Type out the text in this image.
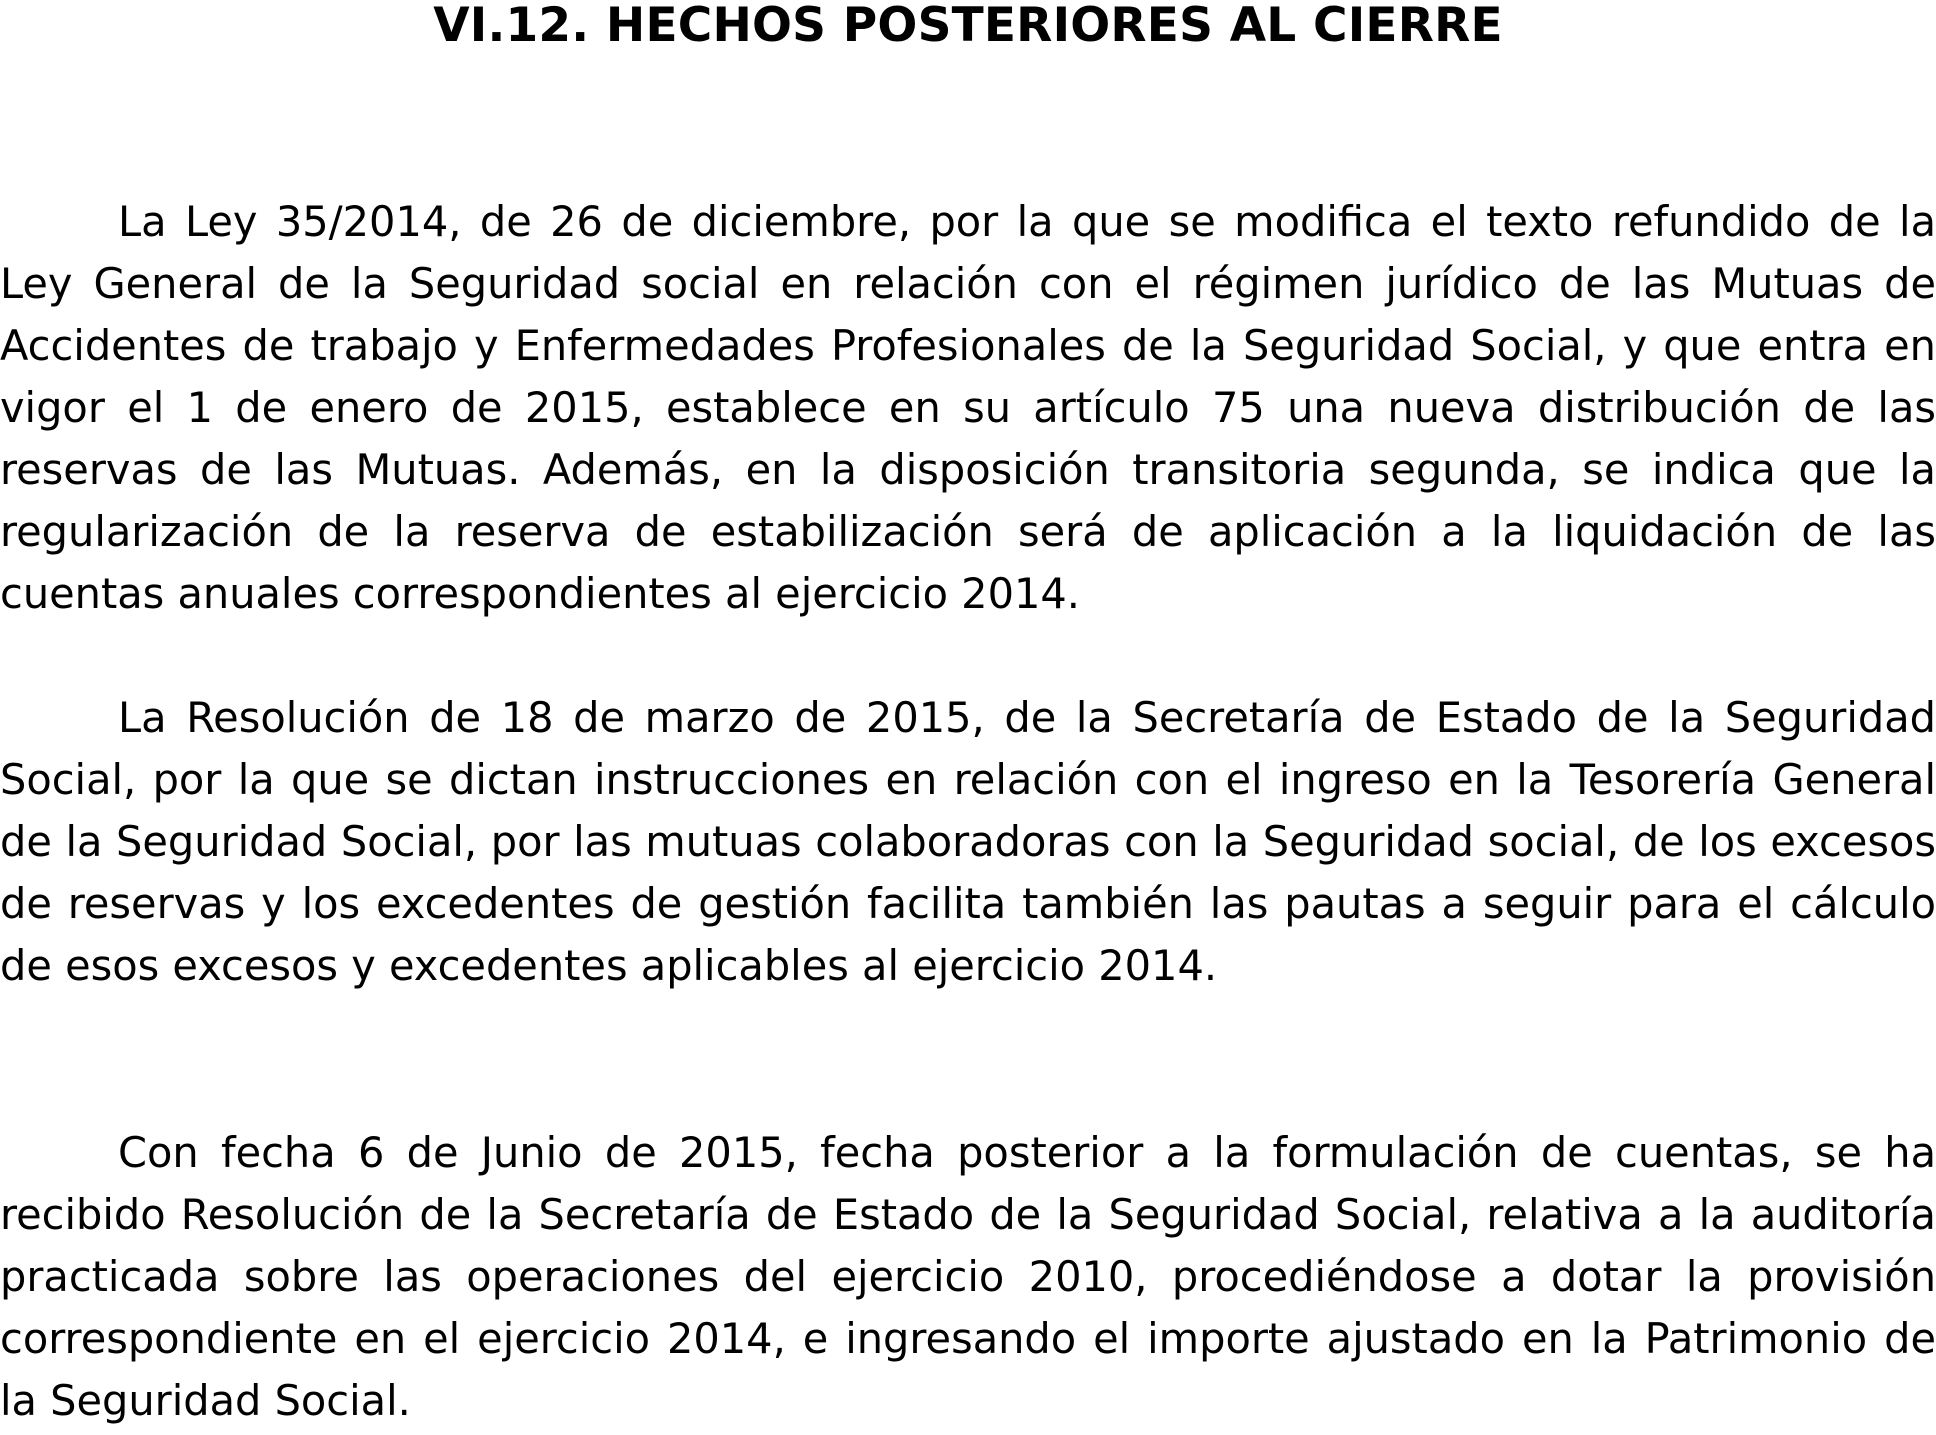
VI.12. HECHOS POSTERIORES AL CIERRE

La Ley 35/2014, de 26 de diciembre, por la que se modifica el texto refundido de la Ley General de la Seguridad social en relación con el régimen jurídico de las Mutuas de Accidentes de trabajo y Enfermedades Profesionales de la Seguridad Social, y que entra en vigor el 1 de enero de 2015, establece en su artículo 75 una nueva distribución de las reservas de las Mutuas. Además, en la disposición transitoria segunda, se indica que la regularización de la reserva de estabilización será de aplicación a la liquidación de las cuentas anuales correspondientes al ejercicio 2014.

La Resolución de 18 de marzo de 2015, de la Secretaría de Estado de la Seguridad Social, por la que se dictan instrucciones en relación con el ingreso en la Tesorería General de la Seguridad Social, por las mutuas colaboradoras con la Seguridad social, de los excesos de reservas y los excedentes de gestión facilita también las pautas a seguir para el cálculo de esos excesos y excedentes aplicables al ejercicio 2014.

Con fecha 6 de Junio de 2015, fecha posterior a la formulación de cuentas, se ha recibido Resolución de la Secretaría de Estado de la Seguridad Social, relativa a la auditoría practicada sobre las operaciones del ejercicio 2010, procediéndose a dotar la provisión correspondiente en el ejercicio 2014, e ingresando el importe ajustado en la Patrimonio de la Seguridad Social.
